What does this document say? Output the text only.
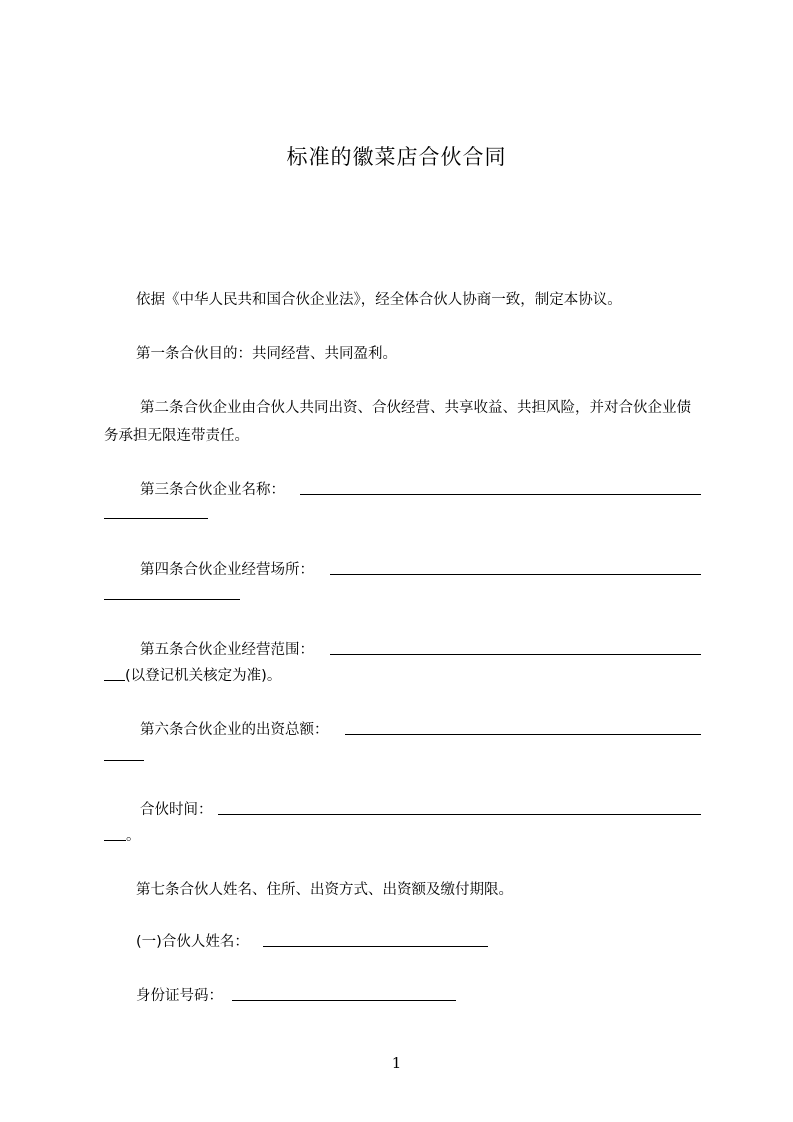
标准的徽菜店合伙合同
依据《中华人民共和国合伙企业法》，经全体合伙人协商一致，制定本协议。
第一条合伙目的：共同经营、共同盈利。
第二条合伙企业由合伙人共同出资、合伙经营、共享收益、共担风险，并对合伙企业债务承担无限连带责任。
第三条合伙企业名称：
第四条合伙企业经营场所：
第五条合伙企业经营范围：
(以登记机关核定为准)。
第六条合伙企业的出资总额：
合伙时间：
。
第七条合伙人姓名、住所、出资方式、出资额及缴付期限。
(一)合伙人姓名：
身份证号码：
1
